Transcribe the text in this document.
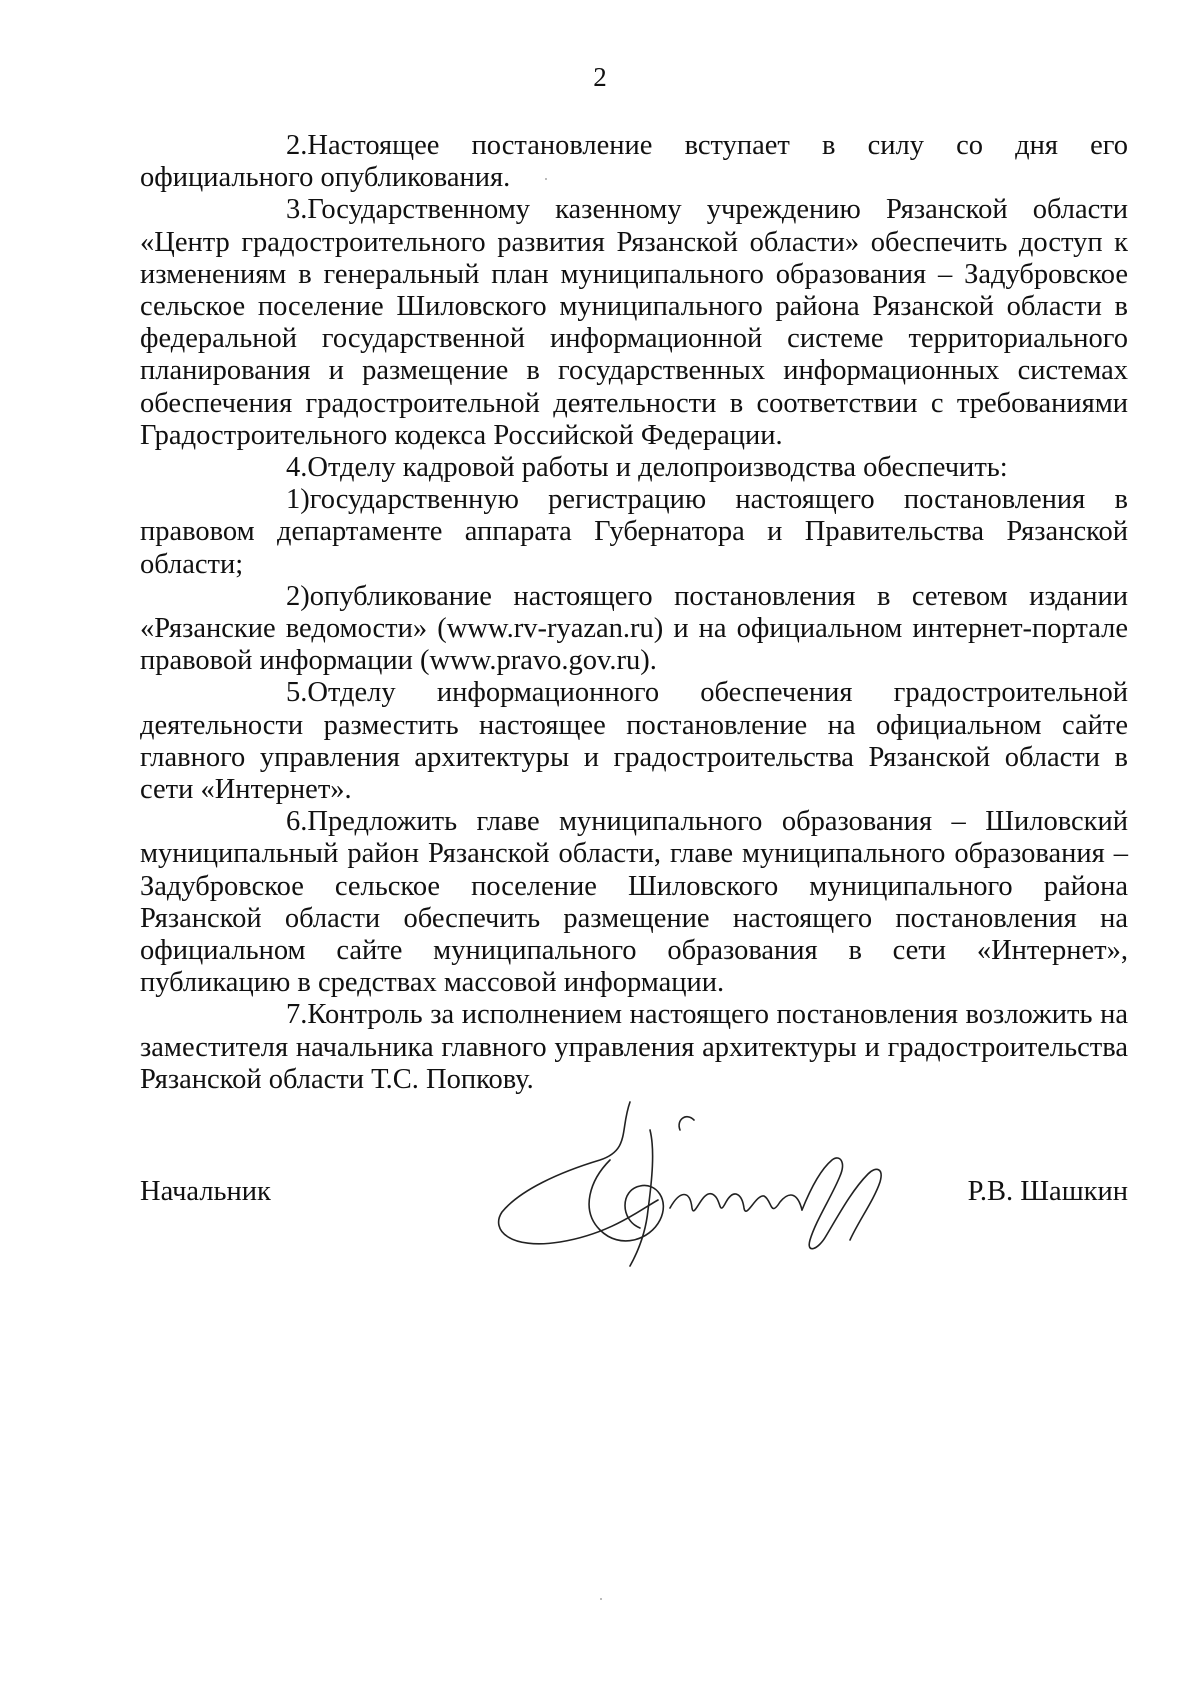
2

2.Настоящее постановление вступает в силу со дня его официального опубликования.

3.Государственному казенному учреждению Рязанской области «Центр градостроительного развития Рязанской области» обеспечить доступ к изменениям в генеральный план муниципального образования – Задубровское сельское поселение Шиловского муниципального района Рязанской области в федеральной государственной информационной системе территориального планирования и размещение в государственных информационных системах обеспечения градостроительной деятельности в соответствии с требованиями Градостроительного кодекса Российской Федерации.

4.Отделу кадровой работы и делопроизводства обеспечить:

1)государственную регистрацию настоящего постановления в правовом департаменте аппарата Губернатора и Правительства Рязанской области;

2)опубликование настоящего постановления в сетевом издании «Рязанские ведомости» (www.rv-ryazan.ru) и на официальном интернет-портале правовой информации (www.pravo.gov.ru).

5.Отделу информационного обеспечения градостроительной деятельности разместить настоящее постановление на официальном сайте главного управления архитектуры и градостроительства Рязанской области в сети «Интернет».

6.Предложить главе муниципального образования – Шиловский муниципальный район Рязанской области, главе муниципального образования – Задубровское сельское поселение Шиловского муниципального района Рязанской области обеспечить размещение настоящего постановления на официальном сайте муниципального образования в сети «Интернет», публикацию в средствах массовой информации.

7.Контроль за исполнением настоящего постановления возложить на заместителя начальника главного управления архитектуры и градостроительства Рязанской области Т.С. Попкову.

Начальник	Р.В. Шашкин
